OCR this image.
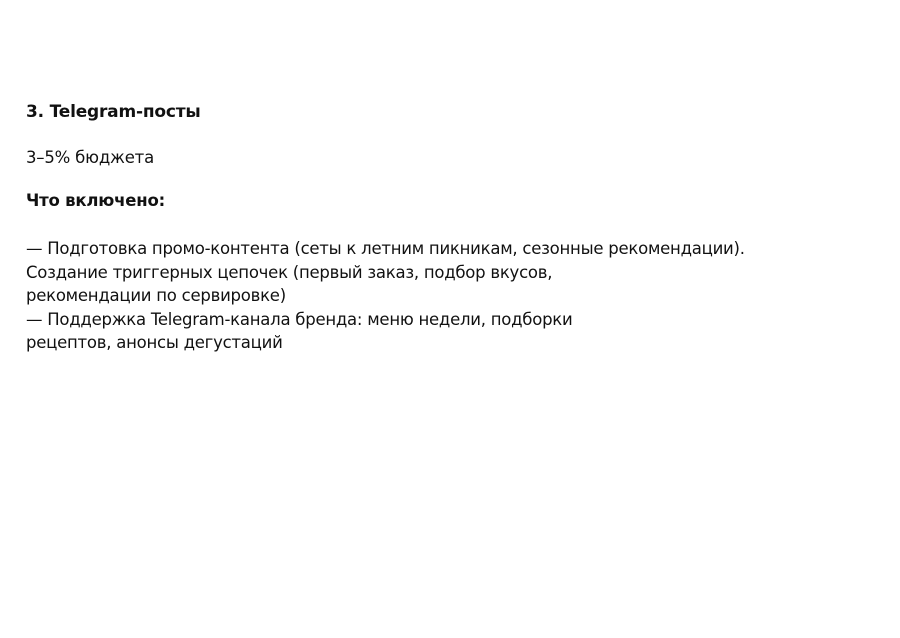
3. Telegram-посты

3–5% бюджета

Что включено:

— Подготовка промо-контента (сеты к летним пикникам, сезонные рекомендации).
Создание триггерных цепочек (первый заказ, подбор вкусов,
рекомендации по сервировке)
— Поддержка Telegram-канала бренда: меню недели, подборки
рецептов, анонсы дегустаций
